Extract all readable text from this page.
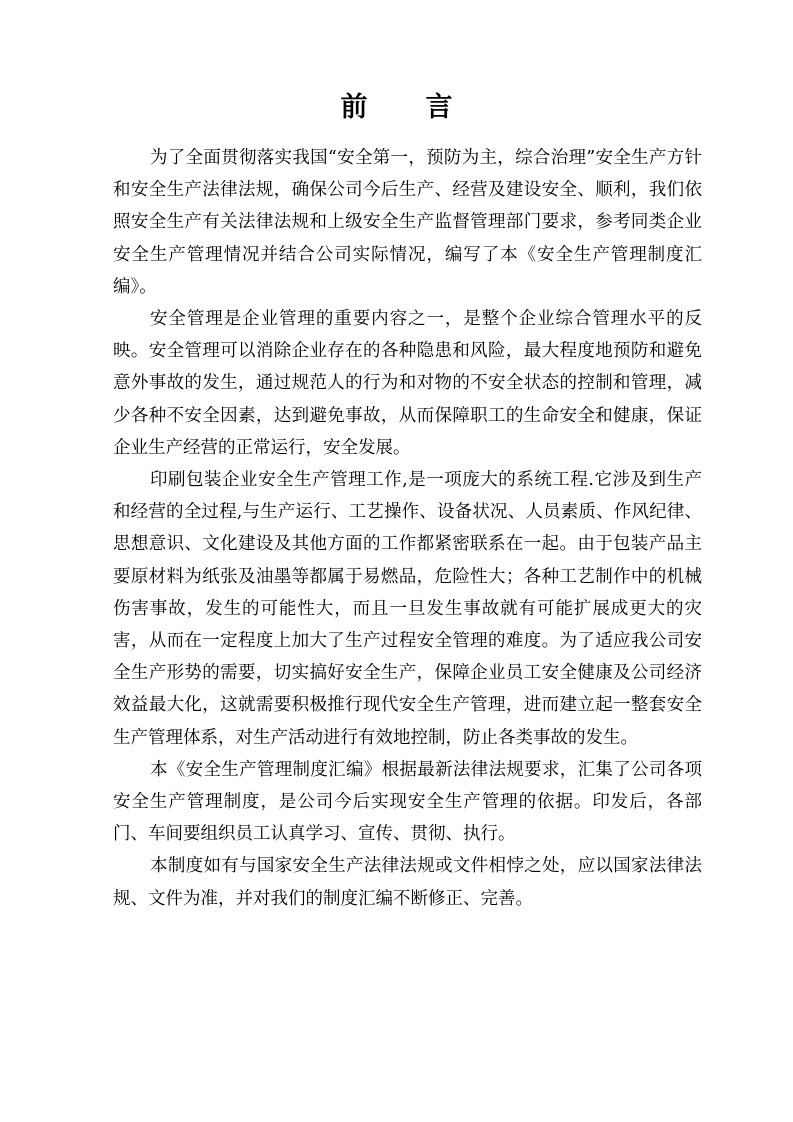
前言

为了全面贯彻落实我国“安全第一，预防为主，综合治理”安全生产方针和安全生产法律法规，确保公司今后生产、经营及建设安全、顺利，我们依照安全生产有关法律法规和上级安全生产监督管理部门要求，参考同类企业安全生产管理情况并结合公司实际情况，编写了本《安全生产管理制度汇编》。

安全管理是企业管理的重要内容之一，是整个企业综合管理水平的反映。安全管理可以消除企业存在的各种隐患和风险，最大程度地预防和避免意外事故的发生，通过规范人的行为和对物的不安全状态的控制和管理，减少各种不安全因素，达到避免事故，从而保障职工的生命安全和健康，保证企业生产经营的正常运行，安全发展。

印刷包装企业安全生产管理工作,是一项庞大的系统工程.它涉及到生产和经营的全过程,与生产运行、工艺操作、设备状况、人员素质、作风纪律、思想意识、文化建设及其他方面的工作都紧密联系在一起。由于包装产品主要原材料为纸张及油墨等都属于易燃品，危险性大；各种工艺制作中的机械伤害事故，发生的可能性大，而且一旦发生事故就有可能扩展成更大的灾害，从而在一定程度上加大了生产过程安全管理的难度。为了适应我公司安全生产形势的需要，切实搞好安全生产，保障企业员工安全健康及公司经济效益最大化，这就需要积极推行现代安全生产管理，进而建立起一整套安全生产管理体系，对生产活动进行有效地控制，防止各类事故的发生。

本《安全生产管理制度汇编》根据最新法律法规要求，汇集了公司各项安全生产管理制度，是公司今后实现安全生产管理的依据。印发后，各部门、车间要组织员工认真学习、宣传、贯彻、执行。

本制度如有与国家安全生产法律法规或文件相悖之处，应以国家法律法规、文件为准，并对我们的制度汇编不断修正、完善。
